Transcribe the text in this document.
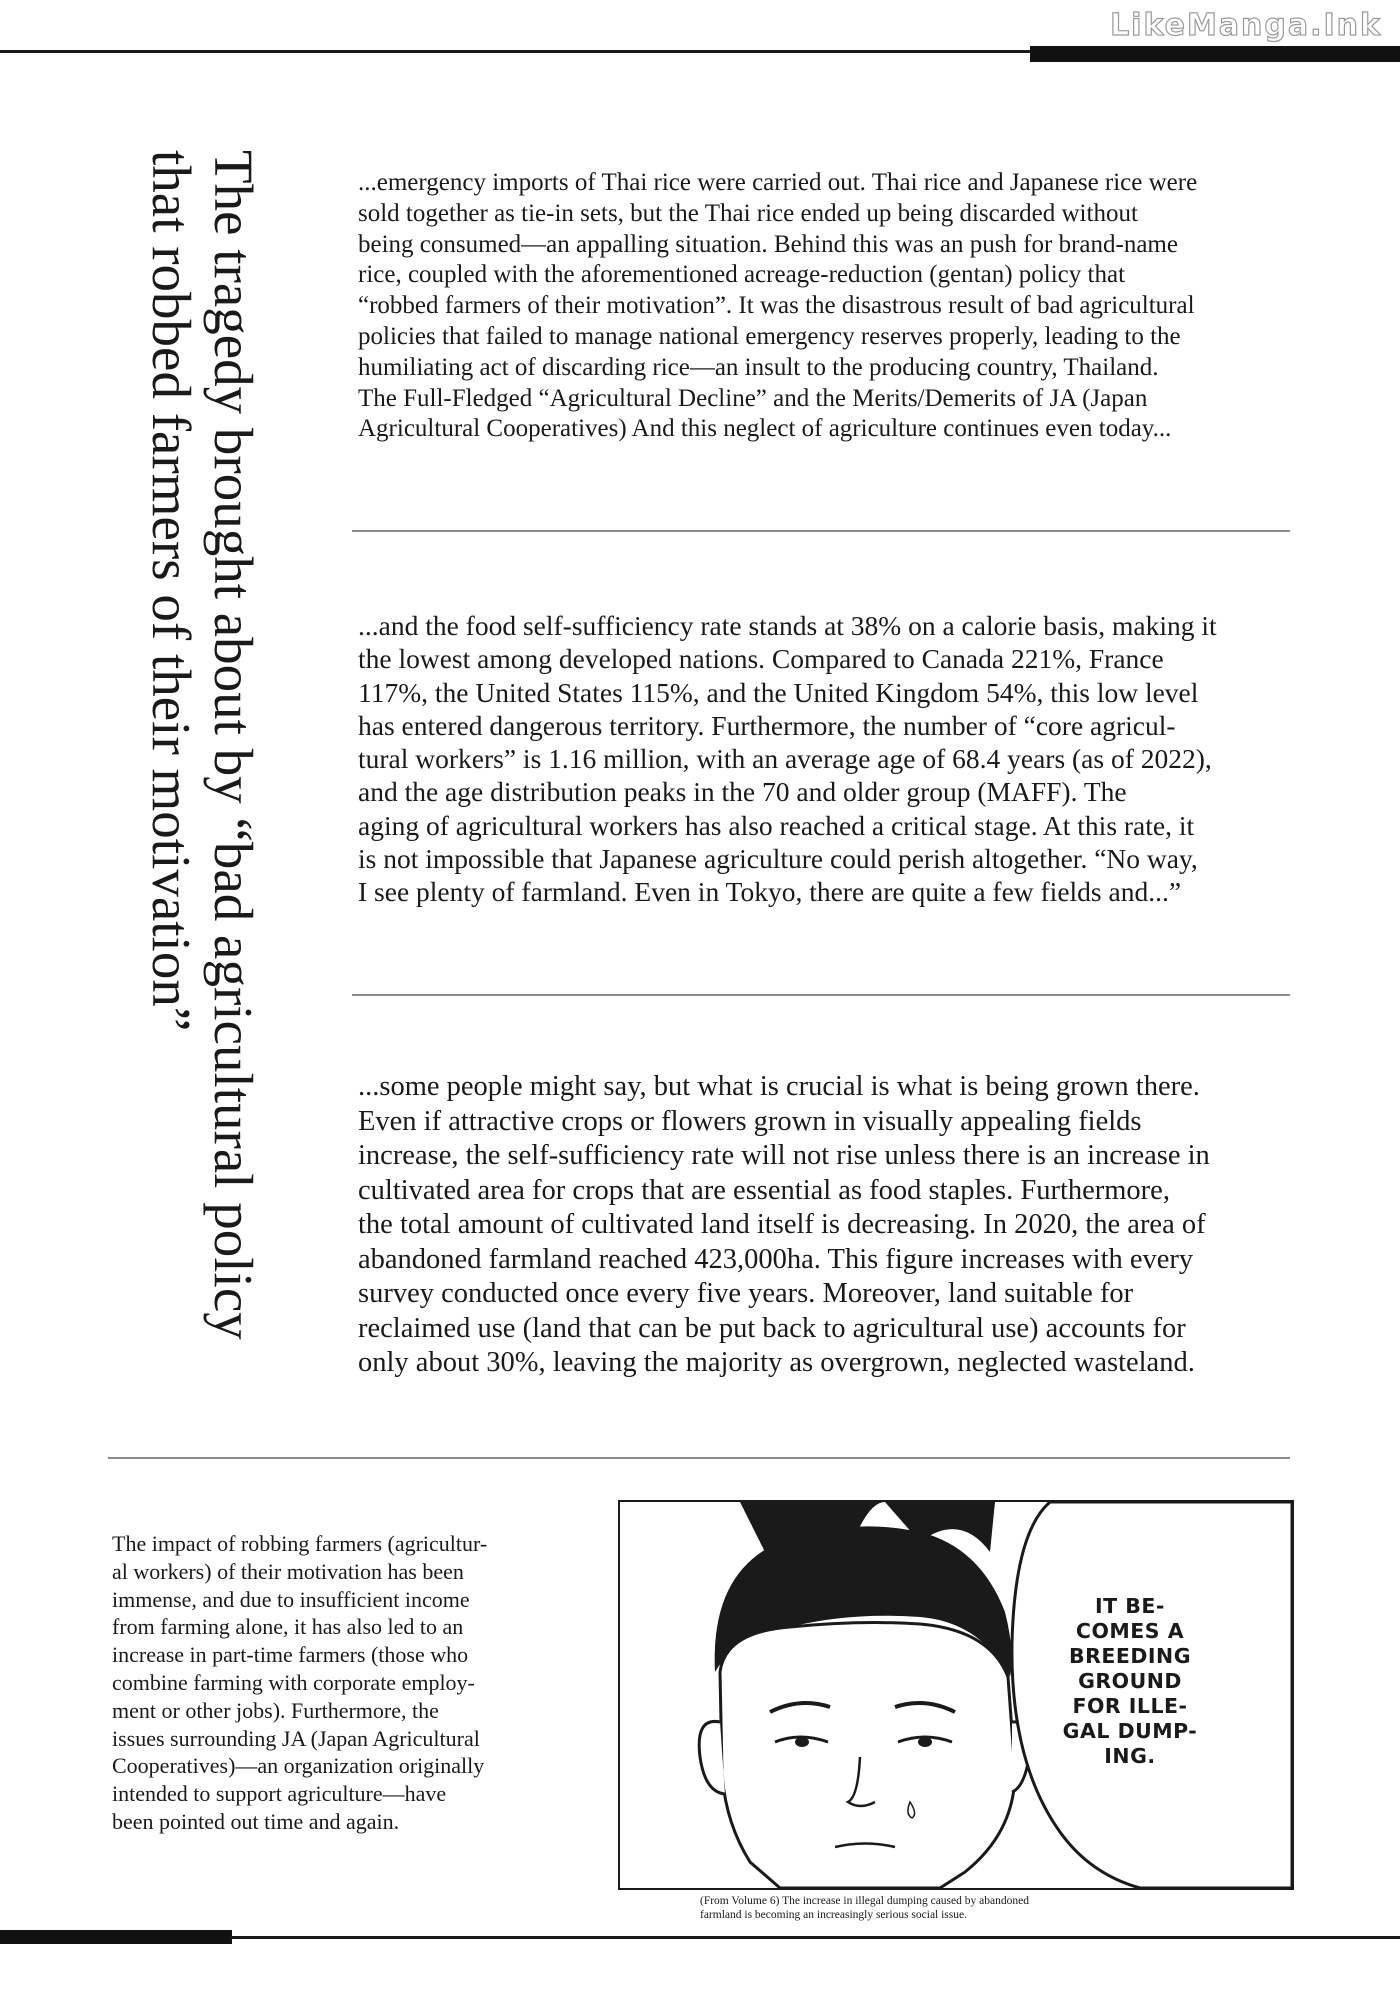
LikeManga.Ink
The tragedy brought about by “bad agricultural policy
that robbed farmers of their motivation”

...emergency imports of Thai rice were carried out. Thai rice and Japanese rice were
sold together as tie-in sets, but the Thai rice ended up being discarded without
being consumed—an appalling situation. Behind this was an push for brand-name
rice, coupled with the aforementioned acreage-reduction (gentan) policy that
“robbed farmers of their motivation”. It was the disastrous result of bad agricultural
policies that failed to manage national emergency reserves properly, leading to the
humiliating act of discarding rice—an insult to the producing country, Thailand.
The Full-Fledged “Agricultural Decline” and the Merits/Demerits of JA (Japan
Agricultural Cooperatives) And this neglect of agriculture continues even today...

...and the food self-sufficiency rate stands at 38% on a calorie basis, making it
the lowest among developed nations. Compared to Canada 221%, France
117%, the United States 115%, and the United Kingdom 54%, this low level
has entered dangerous territory. Furthermore, the number of “core agricul-
tural workers” is 1.16 million, with an average age of 68.4 years (as of 2022),
and the age distribution peaks in the 70 and older group (MAFF). The
aging of agricultural workers has also reached a critical stage. At this rate, it
is not impossible that Japanese agriculture could perish altogether. “No way,
I see plenty of farmland. Even in Tokyo, there are quite a few fields and...”

...some people might say, but what is crucial is what is being grown there.
Even if attractive crops or flowers grown in visually appealing fields
increase, the self-sufficiency rate will not rise unless there is an increase in
cultivated area for crops that are essential as food staples. Furthermore,
the total amount of cultivated land itself is decreasing. In 2020, the area of
abandoned farmland reached 423,000ha. This figure increases with every
survey conducted once every five years. Moreover, land suitable for
reclaimed use (land that can be put back to agricultural use) accounts for
only about 30%, leaving the majority as overgrown, neglected wasteland.

The impact of robbing farmers (agricultur-
al workers) of their motivation has been
immense, and due to insufficient income
from farming alone, it has also led to an
increase in part-time farmers (those who
combine farming with corporate employ-
ment or other jobs). Furthermore, the
issues surrounding JA (Japan Agricultural
Cooperatives)—an organization originally
intended to support agriculture—have
been pointed out time and again.

IT BE-
COMES A
BREEDING
GROUND
FOR ILLE-
GAL DUMP-
ING.

(From Volume 6) The increase in illegal dumping caused by abandoned
farmland is becoming an increasingly serious social issue.
